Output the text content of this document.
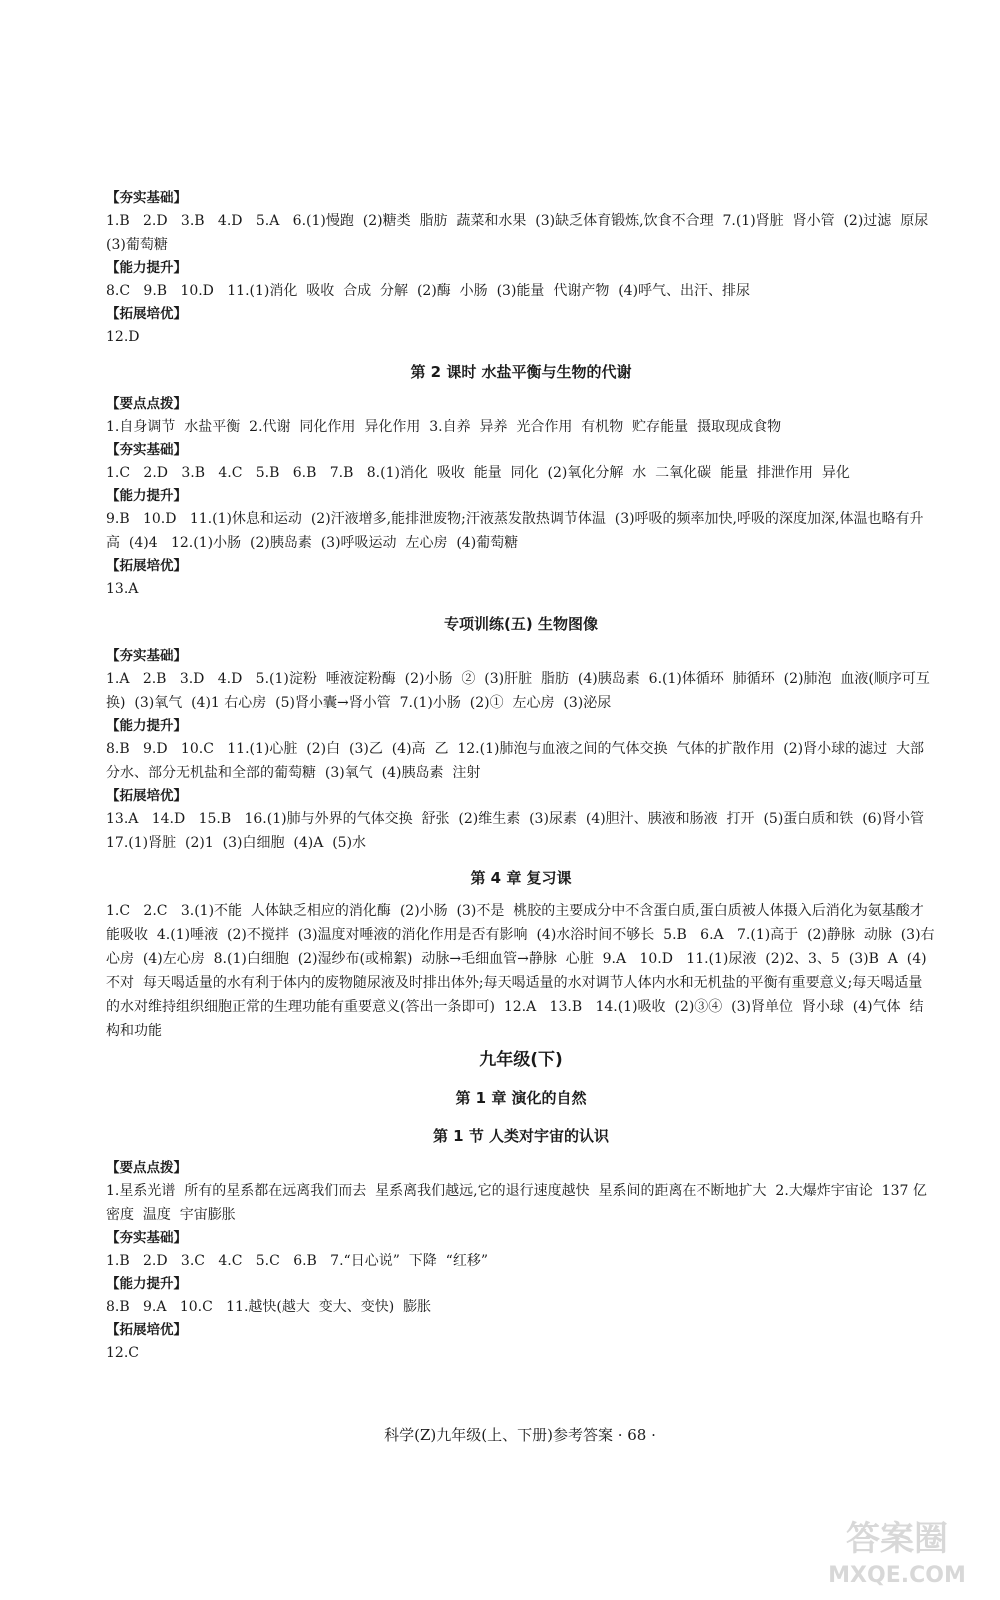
【夯实基础】
1.B   2.D   3.B   4.D   5.A   6.(1)慢跑  (2)糖类  脂肪  蔬菜和水果  (3)缺乏体育锻炼,饮食不合理  7.(1)肾脏  肾小管  (2)过滤  原尿  (3)葡萄糖
【能力提升】
8.C   9.B   10.D   11.(1)消化  吸收  合成  分解  (2)酶  小肠  (3)能量  代谢产物  (4)呼气、出汗、排尿
【拓展培优】
12.D
第 2 课时 水盐平衡与生物的代谢
【要点点拨】
1.自身调节  水盐平衡  2.代谢  同化作用  异化作用  3.自养  异养  光合作用  有机物  贮存能量  摄取现成食物
【夯实基础】
1.C   2.D   3.B   4.C   5.B   6.B   7.B   8.(1)消化  吸收  能量  同化  (2)氧化分解  水  二氧化碳  能量  排泄作用  异化
【能力提升】
9.B   10.D   11.(1)休息和运动  (2)汗液增多,能排泄废物;汗液蒸发散热调节体温  (3)呼吸的频率加快,呼吸的深度加深,体温也略有升高  (4)4   12.(1)小肠  (2)胰岛素  (3)呼吸运动  左心房  (4)葡萄糖
【拓展培优】
13.A
专项训练(五) 生物图像
【夯实基础】
1.A   2.B   3.D   4.D   5.(1)淀粉  唾液淀粉酶  (2)小肠  ②  (3)肝脏  脂肪  (4)胰岛素  6.(1)体循环  肺循环  (2)肺泡  血液(顺序可互换)  (3)氧气  (4)1 右心房  (5)肾小囊→肾小管  7.(1)小肠  (2)①  左心房  (3)泌尿
【能力提升】
8.B   9.D   10.C   11.(1)心脏  (2)白  (3)乙  (4)高  乙  12.(1)肺泡与血液之间的气体交换  气体的扩散作用  (2)肾小球的滤过  大部分水、部分无机盐和全部的葡萄糖  (3)氧气  (4)胰岛素  注射
【拓展培优】
13.A   14.D   15.B   16.(1)肺与外界的气体交换  舒张  (2)维生素  (3)尿素  (4)胆汁、胰液和肠液  打开  (5)蛋白质和铁  (6)肾小管  17.(1)肾脏  (2)1  (3)白细胞  (4)A  (5)水
第 4 章 复习课
1.C   2.C   3.(1)不能  人体缺乏相应的消化酶  (2)小肠  (3)不是  桃胶的主要成分中不含蛋白质,蛋白质被人体摄入后消化为氨基酸才能吸收  4.(1)唾液  (2)不搅拌  (3)温度对唾液的消化作用是否有影响  (4)水浴时间不够长  5.B   6.A   7.(1)高于  (2)静脉  动脉  (3)右心房  (4)左心房  8.(1)白细胞  (2)湿纱布(或棉絮)  动脉→毛细血管→静脉  心脏  9.A   10.D   11.(1)尿液  (2)2、3、5  (3)B  A  (4)不对  每天喝适量的水有利于体内的废物随尿液及时排出体外;每天喝适量的水对调节人体内水和无机盐的平衡有重要意义;每天喝适量的水对维持组织细胞正常的生理功能有重要意义(答出一条即可)  12.A   13.B   14.(1)吸收  (2)③④  (3)肾单位  肾小球  (4)气体  结构和功能
九年级(下)
第 1 章 演化的自然
第 1 节 人类对宇宙的认识
【要点点拨】
1.星系光谱  所有的星系都在远离我们而去  星系离我们越远,它的退行速度越快  星系间的距离在不断地扩大  2.大爆炸宇宙论  137 亿  密度  温度  宇宙膨胀
【夯实基础】
1.B   2.D   3.C   4.C   5.C   6.B   7.“日心说”  下降  “红移”
【能力提升】
8.B   9.A   10.C   11.越快(越大  变大、变快)  膨胀
【拓展培优】
12.C
科学(Z)九年级(上、下册)参考答案 · 68 ·
答案圈
MXQE.COM
